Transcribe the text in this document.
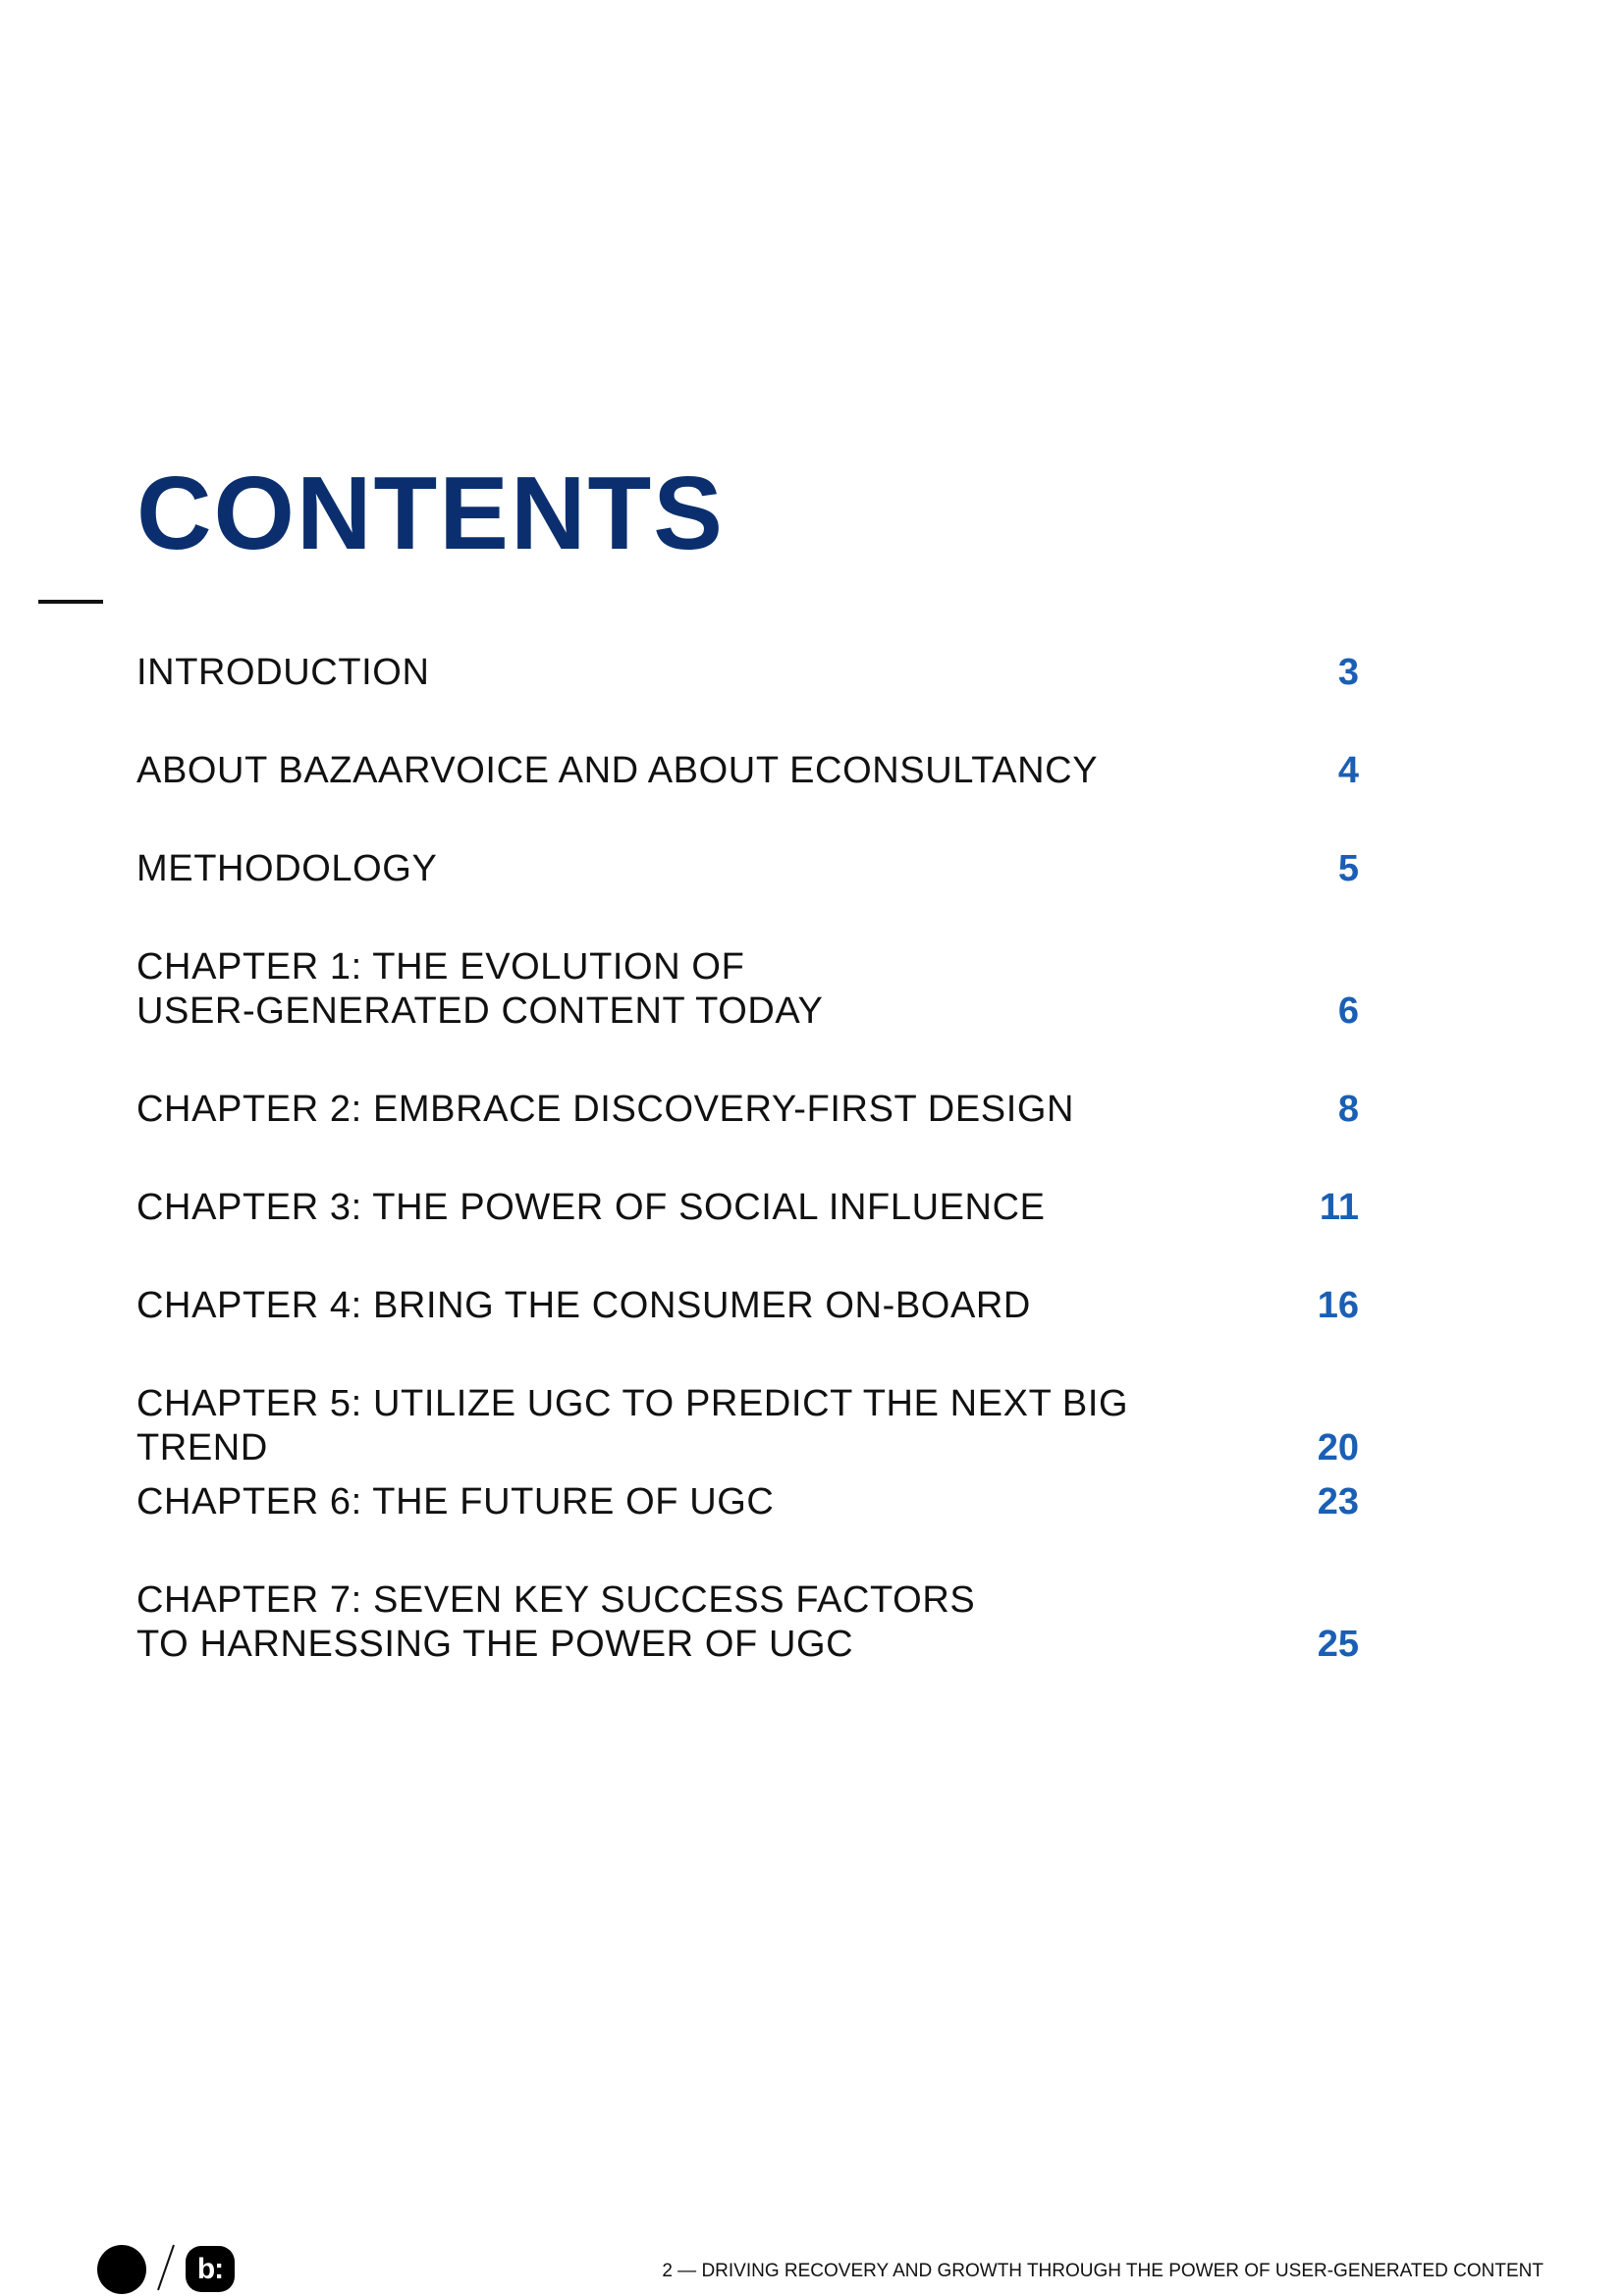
CONTENTS
INTRODUCTION	3
ABOUT BAZAARVOICE AND ABOUT ECONSULTANCY	4
METHODOLOGY	5
CHAPTER 1: THE EVOLUTION OF
USER-GENERATED CONTENT TODAY	6
CHAPTER 2: EMBRACE DISCOVERY-FIRST DESIGN	8
CHAPTER 3: THE POWER OF SOCIAL INFLUENCE	11
CHAPTER 4: BRING THE CONSUMER ON-BOARD	16
CHAPTER 5: UTILIZE UGC TO PREDICT THE NEXT BIG TREND	20
CHAPTER 6: THE FUTURE OF UGC	23
CHAPTER 7: SEVEN KEY SUCCESS FACTORS
TO HARNESSING THE POWER OF UGC	25
b:	2 — DRIVING RECOVERY AND GROWTH THROUGH THE POWER OF USER-GENERATED CONTENT
